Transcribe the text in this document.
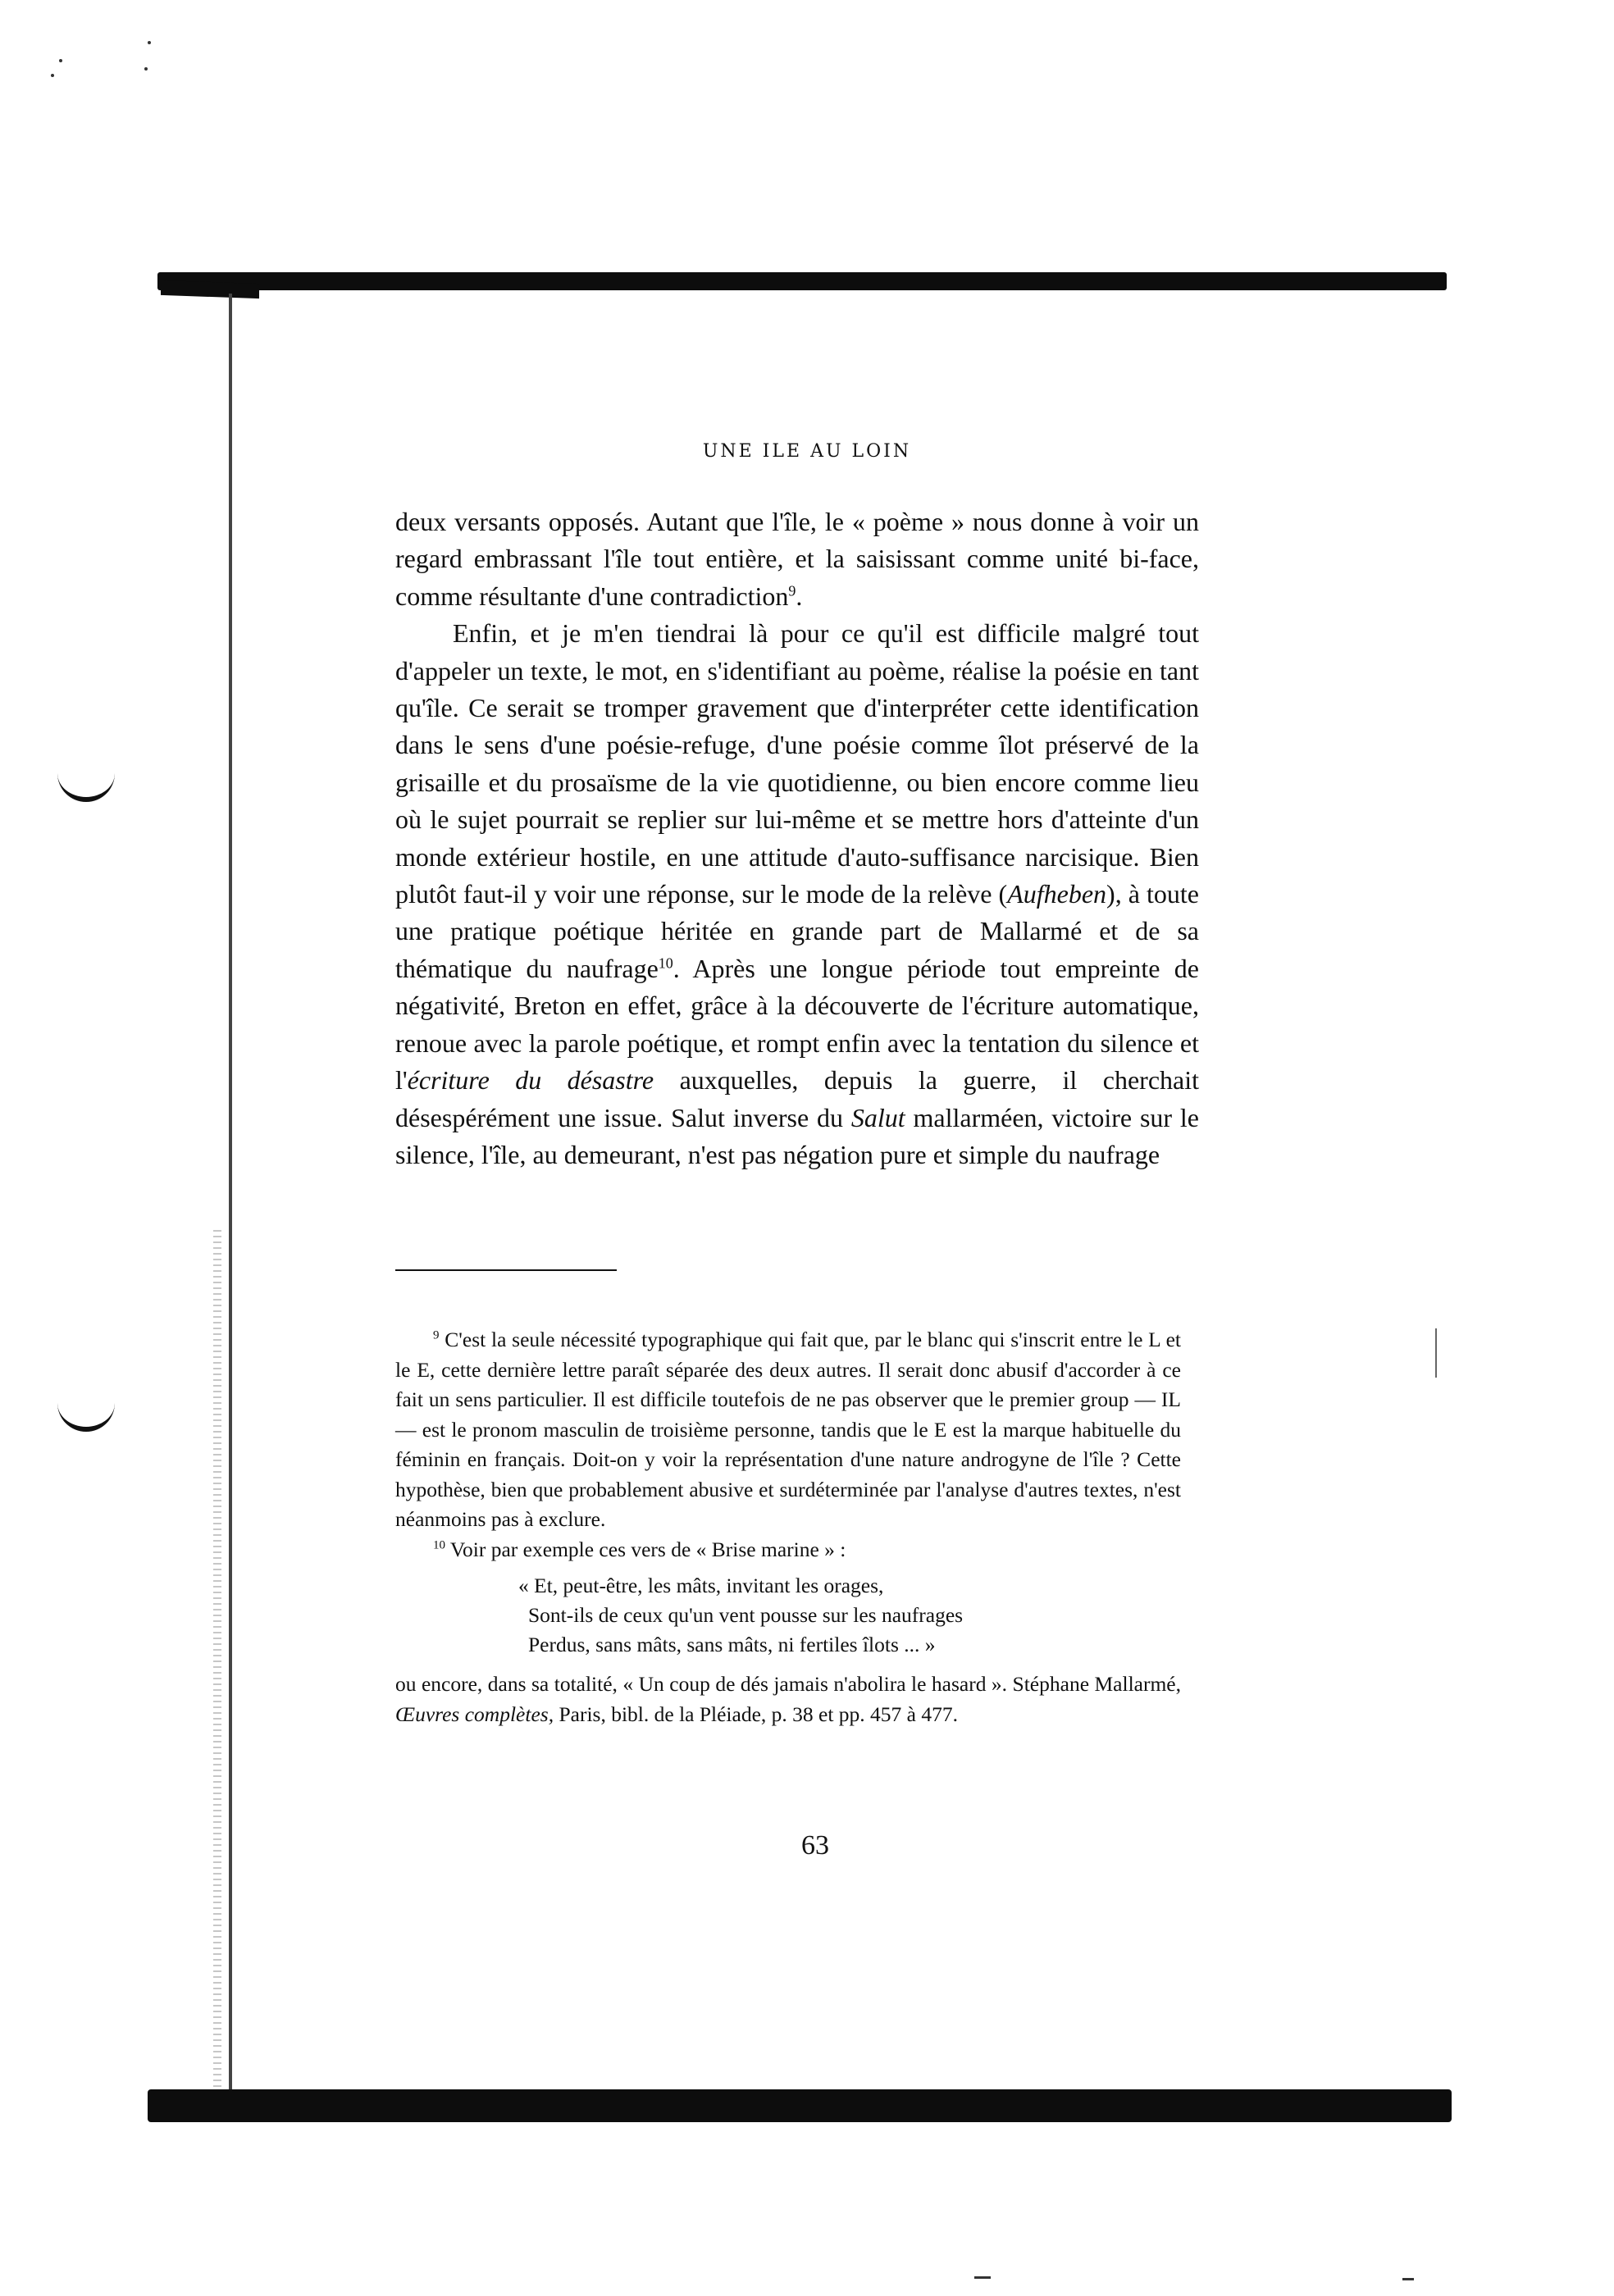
UNE ILE AU LOIN

deux versants opposés. Autant que l'île, le « poème » nous donne à voir un regard embrassant l'île tout entière, et la saisissant comme unité bi-face, comme résultante d'une contradiction$^9$.

Enfin, et je m'en tiendrai là pour ce qu'il est difficile malgré tout d'appeler un texte, le mot, en s'identifiant au poème, réalise la poésie en tant qu'île. Ce serait se tromper gravement que d'interpréter cette identification dans le sens d'une poésie-refuge, d'une poésie comme îlot préservé de la grisaille et du prosaïsme de la vie quotidienne, ou bien encore comme lieu où le sujet pourrait se replier sur lui-même et se mettre hors d'atteinte d'un monde extérieur hostile, en une attitude d'auto-suffisance narcisique. Bien plutôt faut-il y voir une réponse, sur le mode de la relève (Aufheben), à toute une pratique poétique héritée en grande part de Mallarmé et de sa thématique du naufrage$^{10}$. Après une longue période tout empreinte de négativité, Breton en effet, grâce à la découverte de l'écriture automatique, renoue avec la parole poétique, et rompt enfin avec la tentation du silence et l'écriture du désastre auxquelles, depuis la guerre, il cherchait désespérément une issue. Salut inverse du Salut mallarméen, victoire sur le silence, l'île, au demeurant, n'est pas négation pure et simple du naufrage

$^9$ C'est la seule nécessité typographique qui fait que, par le blanc qui s'inscrit entre le L et le E, cette dernière lettre paraît séparée des deux autres. Il serait donc abusif d'accorder à ce fait un sens particulier. Il est difficile toutefois de ne pas observer que le premier group — IL — est le pronom masculin de troisième personne, tandis que le E est la marque habituelle du féminin en français. Doit-on y voir la représentation d'une nature androgyne de l'île ? Cette hypothèse, bien que probablement abusive et surdéterminée par l'analyse d'autres textes, n'est néanmoins pas à exclure.

$^{10}$ Voir par exemple ces vers de « Brise marine » :

« Et, peut-être, les mâts, invitant les orages,
Sont-ils de ceux qu'un vent pousse sur les naufrages
Perdus, sans mâts, sans mâts, ni fertiles îlots ... »

ou encore, dans sa totalité, « Un coup de dés jamais n'abolira le hasard ». Stéphane Mallarmé, Œuvres complètes, Paris, bibl. de la Pléiade, p. 38 et pp. 457 à 477.

63
